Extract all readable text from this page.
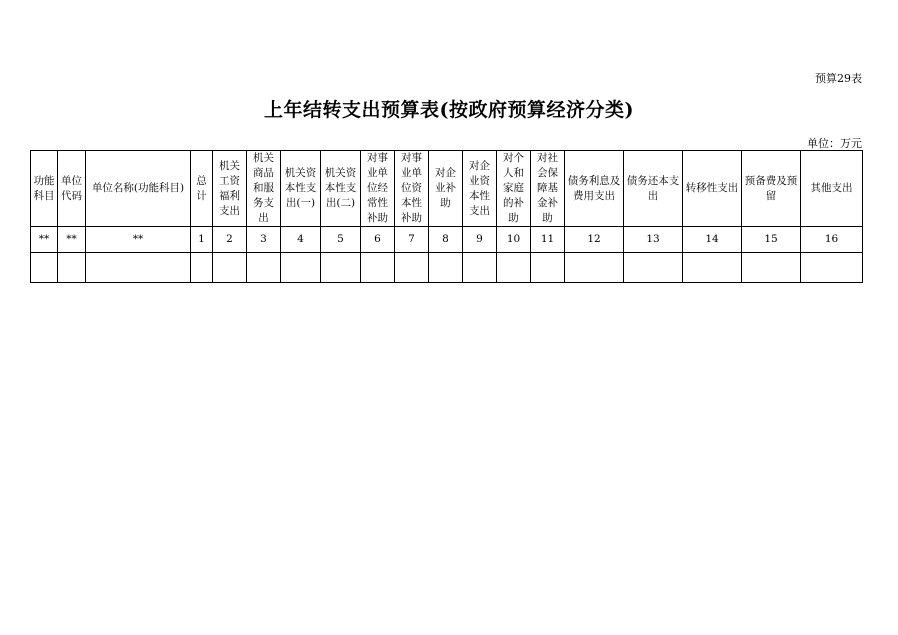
预算29表
上年结转支出预算表(按政府预算经济分类)
单位：万元
功能科目	单位代码	单位名称(功能科目)	总计	机关工资福利支出	机关商品和服务支出	机关资本性支出(一)	机关资本性支出(二)	对事业单位经常性补助	对事业单位资本性补助	对企业补助	对企业资本性支出	对个人和家庭的补助	对社会保障基金补助	债务利息及费用支出	债务还本支出	转移性支出	预备费及预留	其他支出
**	**	**	1	2	3	4	5	6	7	8	9	10	11	12	13	14	15	16
